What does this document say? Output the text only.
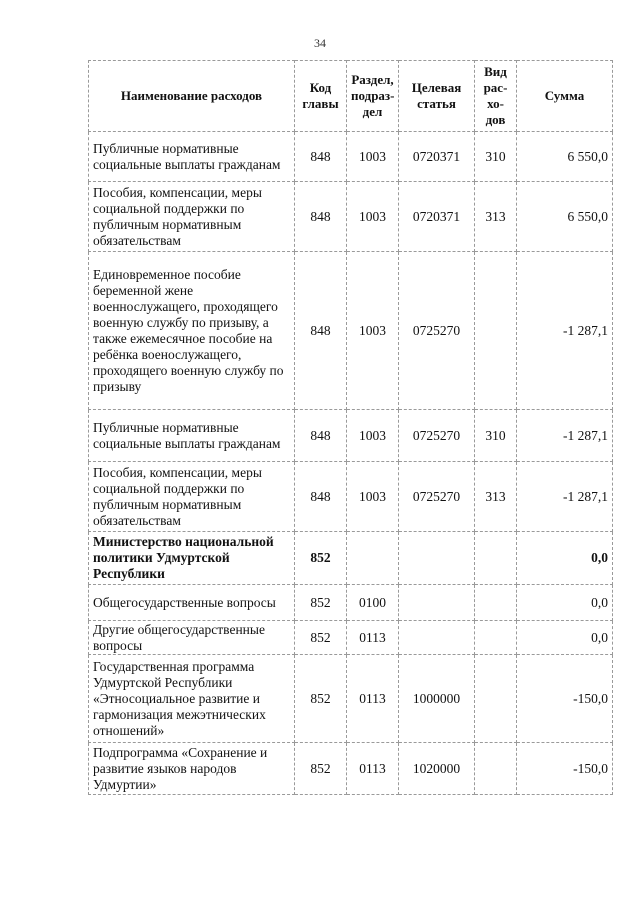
34
Наименование расходов	Код главы	Раздел, подраз-дел	Целевая статья	Вид рас-хо-дов	Сумма
Публичные нормативные социальные выплаты гражданам	848	1003	0720371	310	6 550,0
Пособия, компенсации, меры социальной поддержки по публичным нормативным обязательствам	848	1003	0720371	313	6 550,0
Единовременное пособие беременной жене военнослужащего, проходящего военную службу по призыву, а также ежемесячное пособие на ребёнка военослужащего, проходящего военную службу по призыву	848	1003	0725270		-1 287,1
Публичные нормативные социальные выплаты гражданам	848	1003	0725270	310	-1 287,1
Пособия, компенсации, меры социальной поддержки по публичным нормативным обязательствам	848	1003	0725270	313	-1 287,1
Министерство национальной политики Удмуртской Республики	852				0,0
Общегосударственные вопросы	852	0100			0,0
Другие общегосударственные вопросы	852	0113			0,0
Государственная программа Удмуртской Республики «Этносоциальное развитие и гармонизация межэтнических отношений»	852	0113	1000000		-150,0
Подпрограмма «Сохранение и развитие языков народов Удмуртии»	852	0113	1020000		-150,0
